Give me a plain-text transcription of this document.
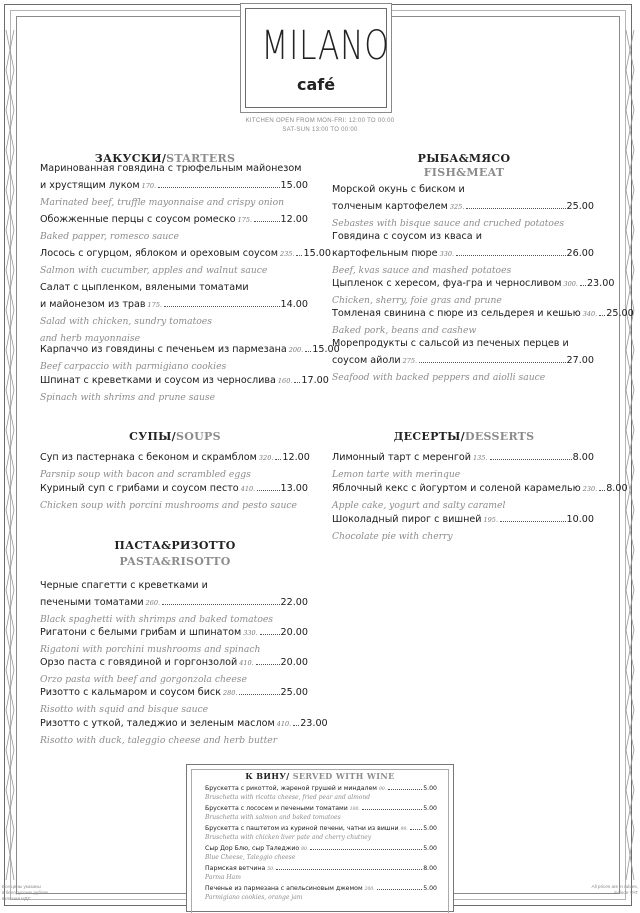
MILANO
café
KITCHEN OPEN FROM MON-FRI: 12:00 TO 00:00
SAT-SUN 13:00 TO 00:00
ЗАКУСКИ/STARTERS
Маринованная говядина с трюфельным майонезом
и хрустящим луком 170.	15.00
Marinated beef, truffle mayonnaise and crispy onion
Обожженные перцы с соусом ромеско 175.	12.00
Baked papper, romesco sauce
Лосось с огурцом, яблоком и ореховым соусом 235. 15.00
Salmon with cucumber, apples and walnut sauce
Салат с цыпленком, вялеными томатами
и майонезом из трав 175.	14.00
Salad with chicken, sundry tomatoes
and herb mayonnaise
Карпаччо из говядины с печеньем из пармезана 200. 15.00
Beef carpaccio with parmigiano cookies
Шпинат с креветками и соусом из чернослива 160. 17.00
Spinach with shrims and prune sause
СУПЫ/SOUPS
Суп из пастернака с беконом и скрамблом 320. 12.00
Parsnip soup with bacon and scrambled eggs
Куриный суп с грибами и соусом песто 410.	13.00
Chicken soup with porcini mushrooms and pesto sauce
ПАСТА&РИЗОТТО
PASTA&RISOTTO
Черные спагетти с креветками и
печеными томатами 260.	22.00
Black spaghetti with shrimps and baked tomatoes
Ригатони с белыми грибам и шпинатом 330. 20.00
Rigatoni with porchini mushrooms and spinach
Орзо паста с говядиной и горгонзолой 410.	20.00
Orzo pasta with beef and gorgonzola cheese
Ризотто с кальмаром и соусом биск 280.	25.00
Risotto with squid and bisque sauce
Ризотто с уткой, таледжио и зеленым маслом 410. 23.00
Risotto with duck, taleggio cheese and herb butter
РЫБА&МЯСО
FISH&MEAT
Морской окунь с биском и
толченым картофелем 325.	25.00
Sebastes with bisque sauce and cruched potatoes
Говядина с соусом из кваса и
картофельным пюре 330.	26.00
Beef, kvas sauce and mashed potatoes
Цыпленок с хересом, фуа-гра и черносливом 300. 23.00
Chicken, sherry, foie gras and prune
Томленая свинина с пюре из сельдерея и кешью 340. 25.00
Baked pork, beans and cashew
Морепродукты с сальсой из печеных перцев и
соусом айоли 275.	27.00
Seafood with backed peppers and aiolli sauce
ДЕСЕРТЫ/DESSERTS
Лимонный тарт с меренгой 135.	8.00
Lemon tarte with merinque
Яблочный кекс с йогуртом и соленой карамелью 230. 8.00
Apple cake, yogurt and salty caramel
Шоколадный пирог с вишней 195.	10.00
Chocolate pie with cherry
К ВИНУ/ SERVED WITH WINE
Брускетта с рикоттой, жареной грушей и миндалем 90.	5.00
Bruschetta with ricotta cheese, fried pear and almond
Брускетта с лососем и печеными томатами 100.	5.00
Bruschetta with salmon and baked tomatoes
Брускетта с паштетом из куриной печени, чатни из вишни 90. 5.00
Bruschetta with chicken liver pate and cherry chutney
Сыр Дор Блю, сыр Таледжио 80.	5.00
Blue Cheese, Taleggio cheese
Пармская ветчина 50.	8.00
Parma Ham
Печенье из пармезана с апельсиновым джемом 200.	5.00
Parmigiano cookies, orange jam
Все цены указаны
в белорусских рублях
включая НДС
All prices are in rubles,
include VAT
